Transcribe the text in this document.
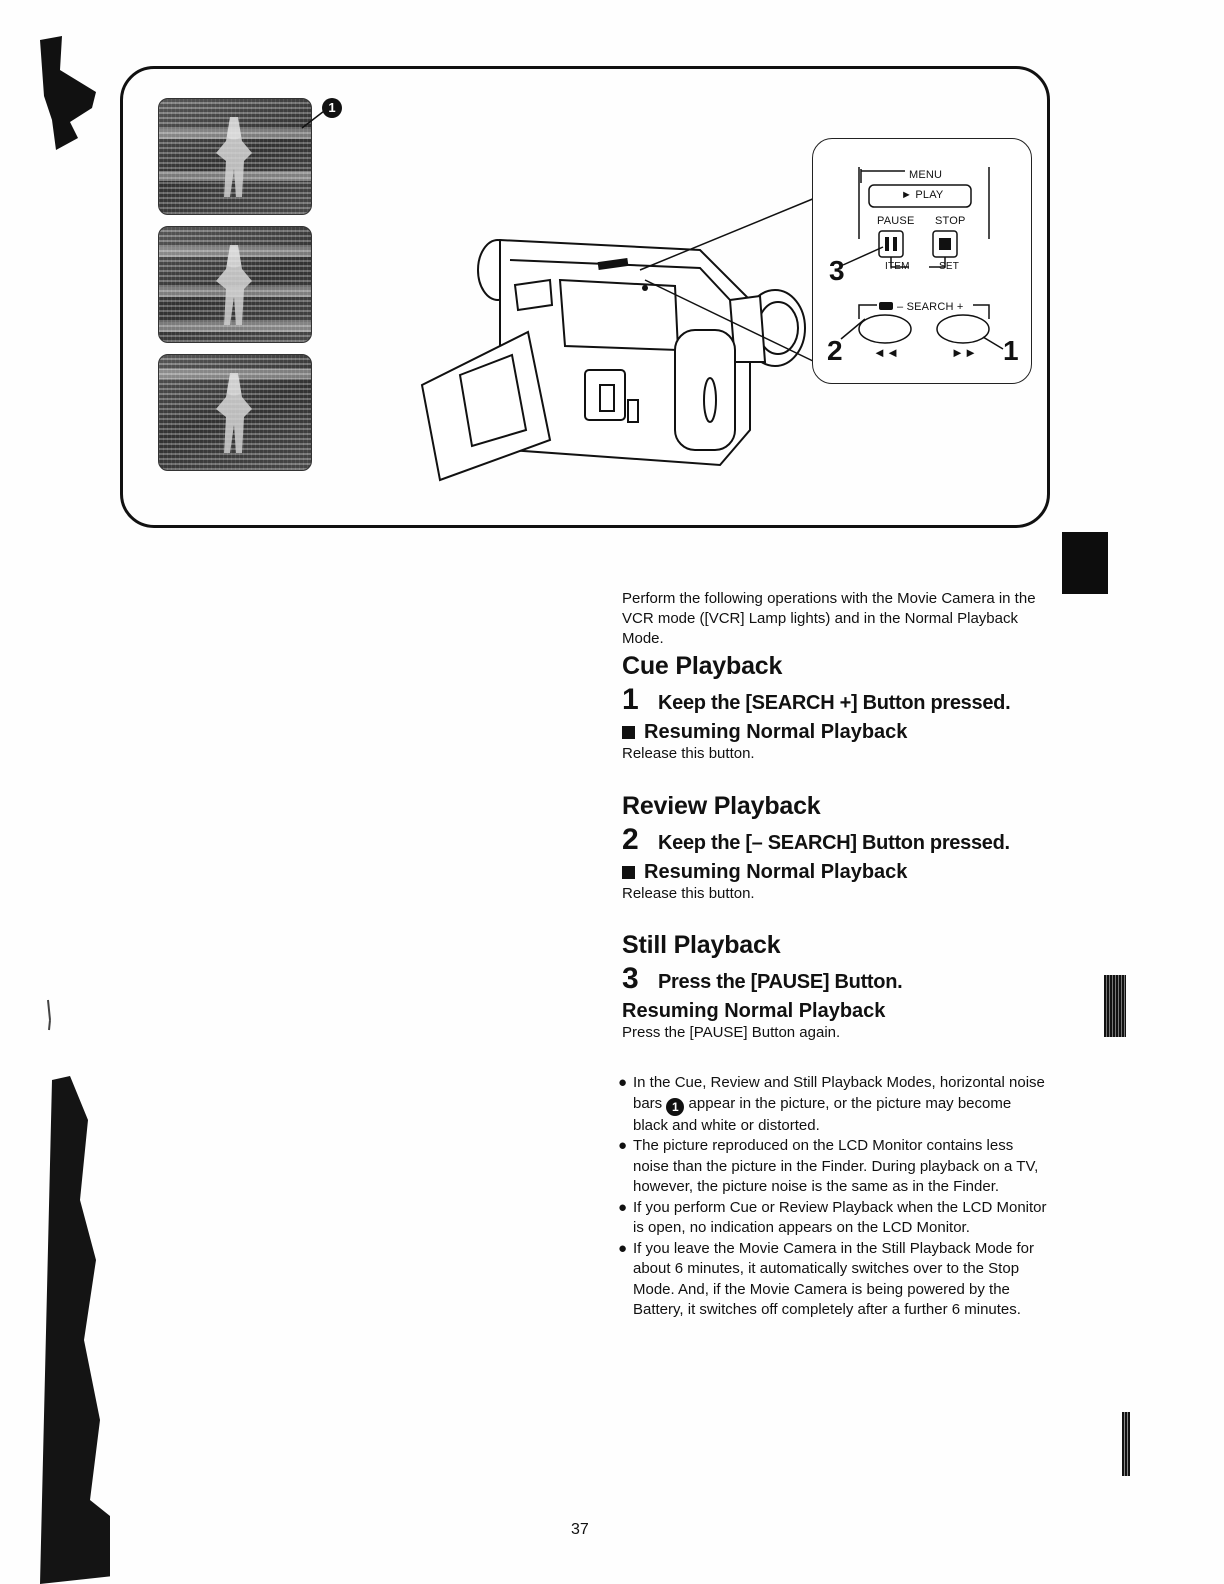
1
MENU
► PLAY
PAUSE STOP
ITEM	SET
– SEARCH +
◄◄	►►
3
2	1
Perform the following operations with the Movie Camera in the VCR mode ([VCR] Lamp lights) and in the Normal Playback Mode.
Cue Playback
1 Keep the [SEARCH +] Button pressed.
Resuming Normal Playback
Release this button.
Review Playback
2 Keep the [– SEARCH] Button pressed.
Resuming Normal Playback
Release this button.
Still Playback
3 Press the [PAUSE] Button.
Resuming Normal Playback
Press the [PAUSE] Button again.
● In the Cue, Review and Still Playback Modes, horizontal noise bars 1 appear in the picture, or the picture may become black and white or distorted.
● The picture reproduced on the LCD Monitor contains less noise than the picture in the Finder. During playback on a TV, however, the picture noise is the same as in the Finder.
● If you perform Cue or Review Playback when the LCD Monitor is open, no indication appears on the LCD Monitor.
● If you leave the Movie Camera in the Still Playback Mode for about 6 minutes, it automatically switches over to the Stop Mode. And, if the Movie Camera is being powered by the Battery, it switches off completely after a further 6 minutes.
37
